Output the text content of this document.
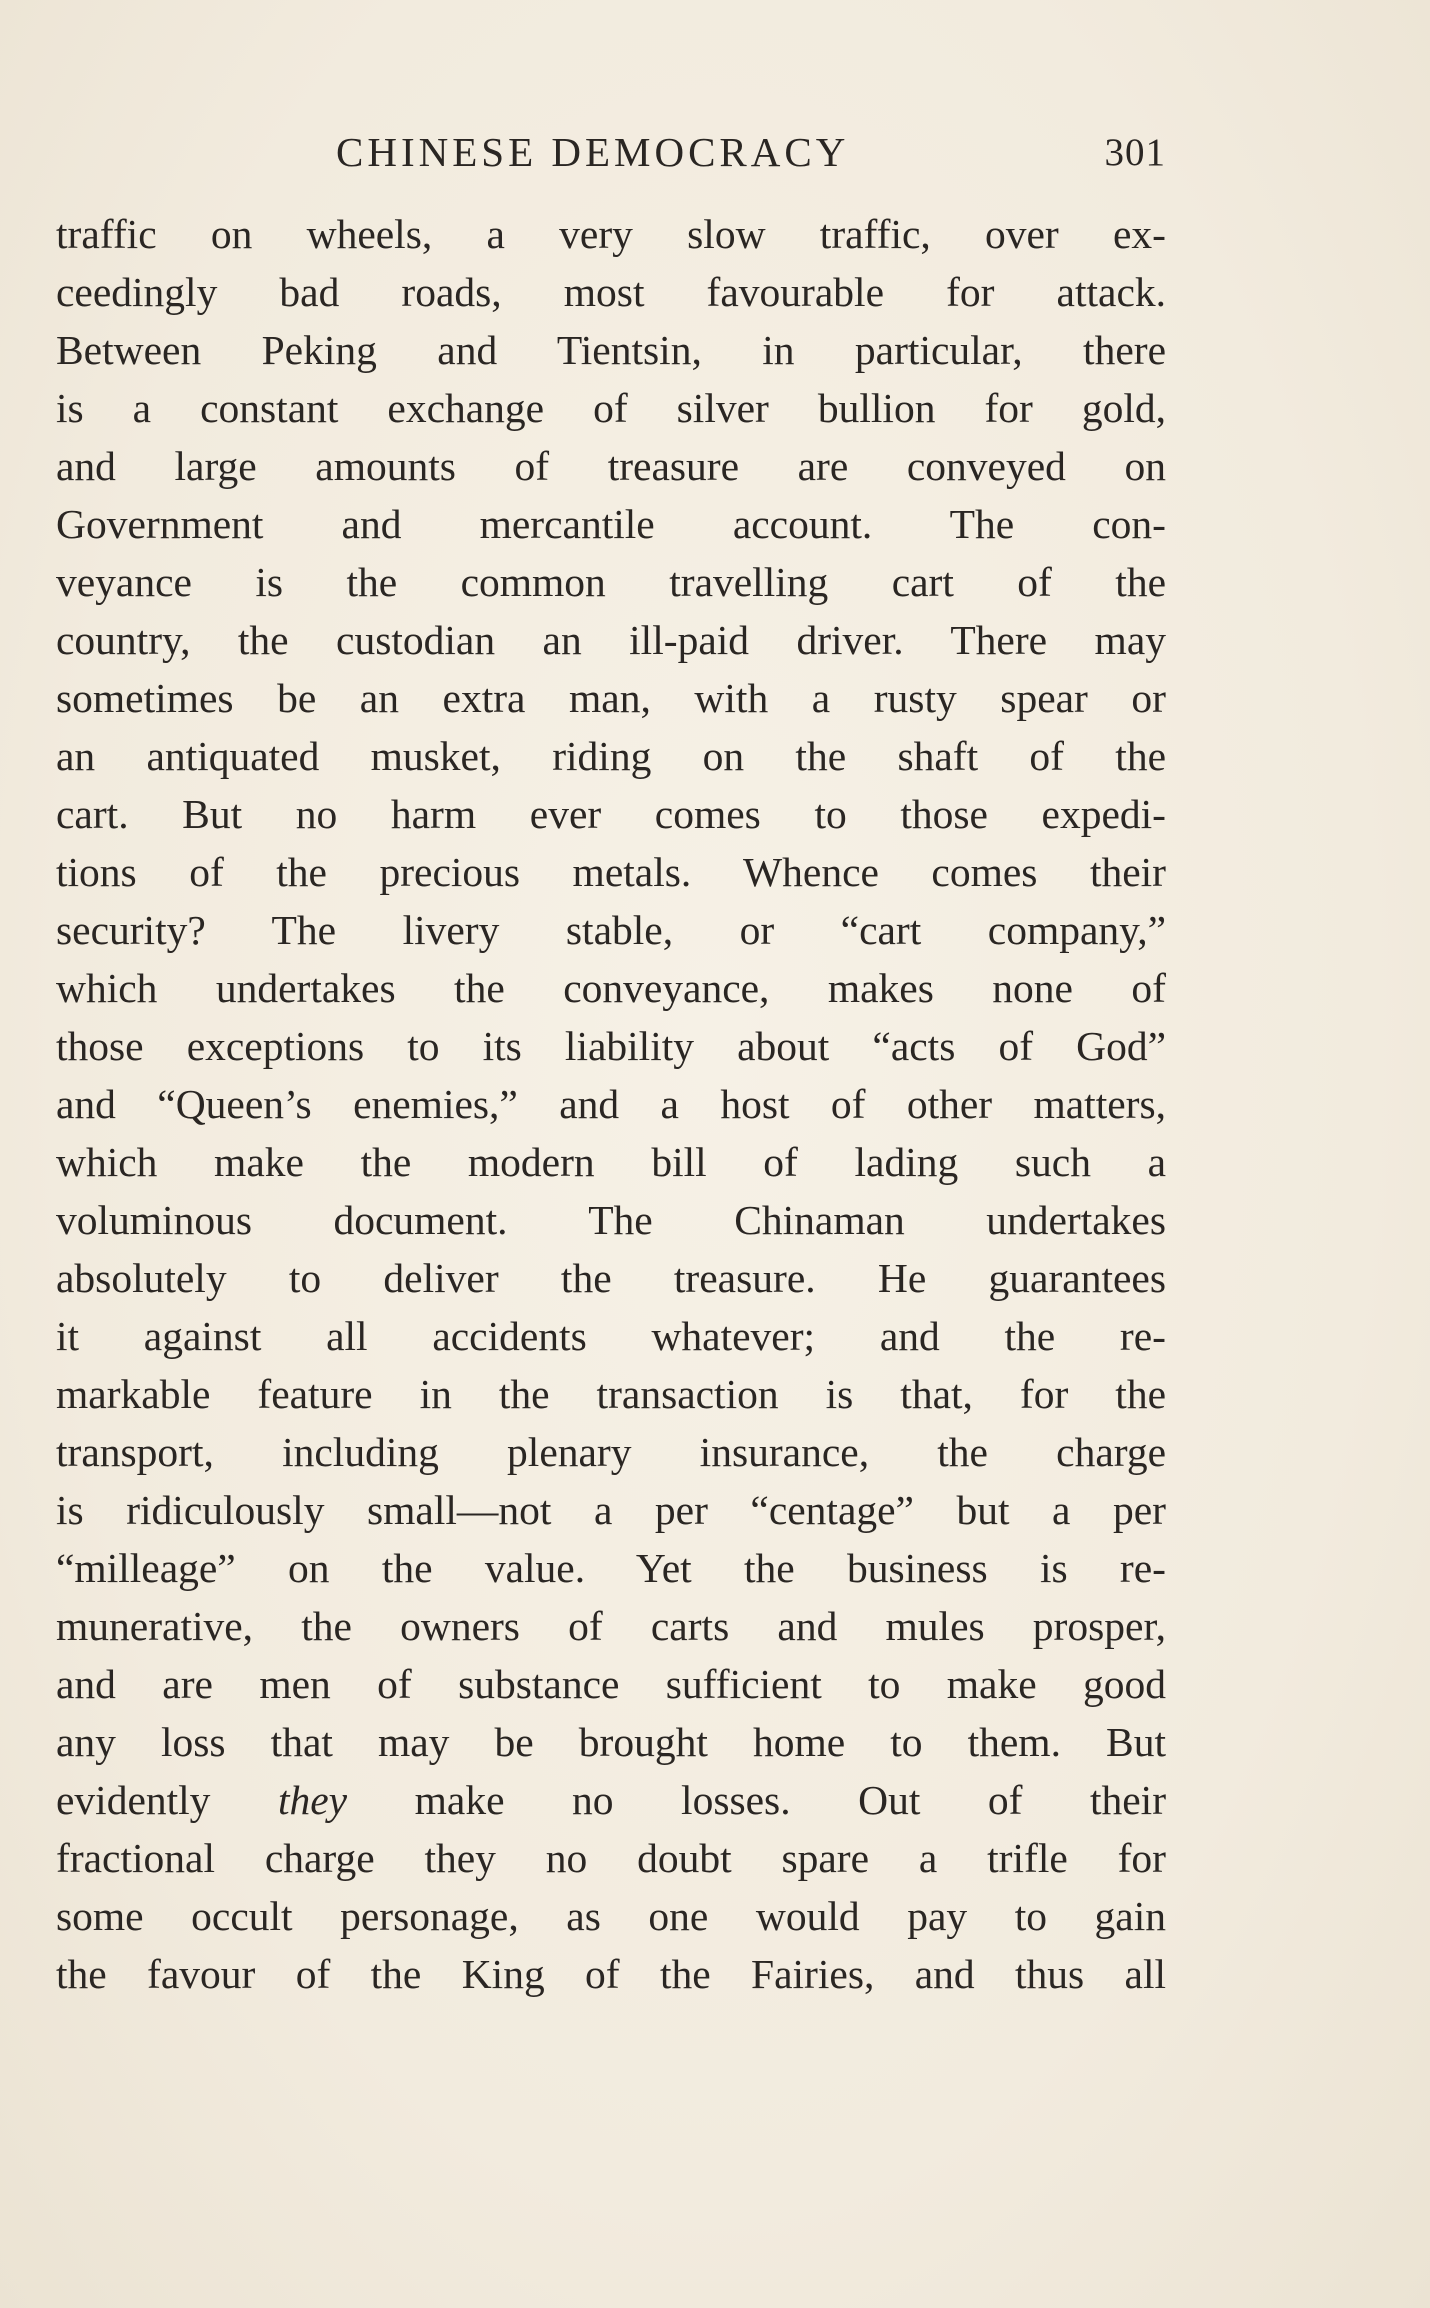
CHINESE DEMOCRACY	301
traffic on wheels, a very slow traffic, over ex-
ceedingly bad roads, most favourable for attack.
Between Peking and Tientsin, in particular, there
is a constant exchange of silver bullion for gold,
and large amounts of treasure are conveyed on
Government and mercantile account. The con-
veyance is the common travelling cart of the
country, the custodian an ill-paid driver. There may
sometimes be an extra man, with a rusty spear or
an antiquated musket, riding on the shaft of the
cart. But no harm ever comes to those expedi-
tions of the precious metals. Whence comes their
security? The livery stable, or “cart company,”
which undertakes the conveyance, makes none of
those exceptions to its liability about “acts of God”
and “Queen’s enemies,” and a host of other matters,
which make the modern bill of lading such a
voluminous document. The Chinaman undertakes
absolutely to deliver the treasure. He guarantees
it against all accidents whatever; and the re-
markable feature in the transaction is that, for the
transport, including plenary insurance, the charge
is ridiculously small—not a per “centage” but a per
“milleage” on the value. Yet the business is re-
munerative, the owners of carts and mules prosper,
and are men of substance sufficient to make good
any loss that may be brought home to them. But
evidently they make no losses. Out of their
fractional charge they no doubt spare a trifle for
some occult personage, as one would pay to gain
the favour of the King of the Fairies, and thus all
